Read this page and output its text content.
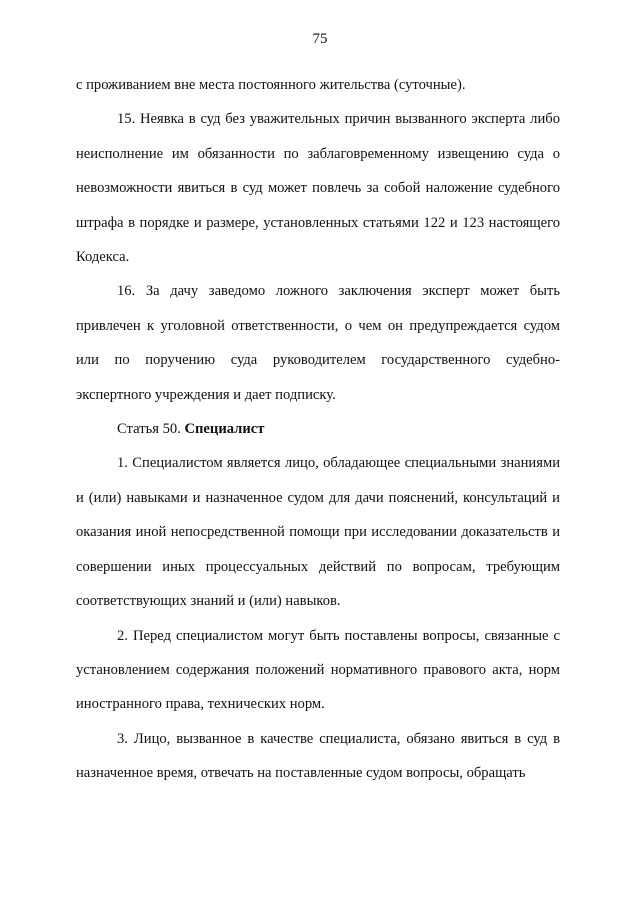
75

с проживанием вне места постоянного жительства (суточные).

15. Неявка в суд без уважительных причин вызванного эксперта либо неисполнение им обязанности по заблаговременному извещению суда о невозможности явиться в суд может повлечь за собой наложение судебного штрафа в порядке и размере, установленных статьями 122 и 123 настоящего Кодекса.

16. За дачу заведомо ложного заключения эксперт может быть привлечен к уголовной ответственности, о чем он предупреждается судом или по поручению суда руководителем государственного судебно-экспертного учреждения и дает подписку.

Статья 50. Специалист

1. Специалистом является лицо, обладающее специальными знаниями и (или) навыками и назначенное судом для дачи пояснений, консультаций и оказания иной непосредственной помощи при исследовании доказательств и совершении иных процессуальных действий по вопросам, требующим соответствующих знаний и (или) навыков.

2. Перед специалистом могут быть поставлены вопросы, связанные с установлением содержания положений нормативного правового акта, норм иностранного права, технических норм.

3. Лицо, вызванное в качестве специалиста, обязано явиться в суд в назначенное время, отвечать на поставленные судом вопросы, обращать
